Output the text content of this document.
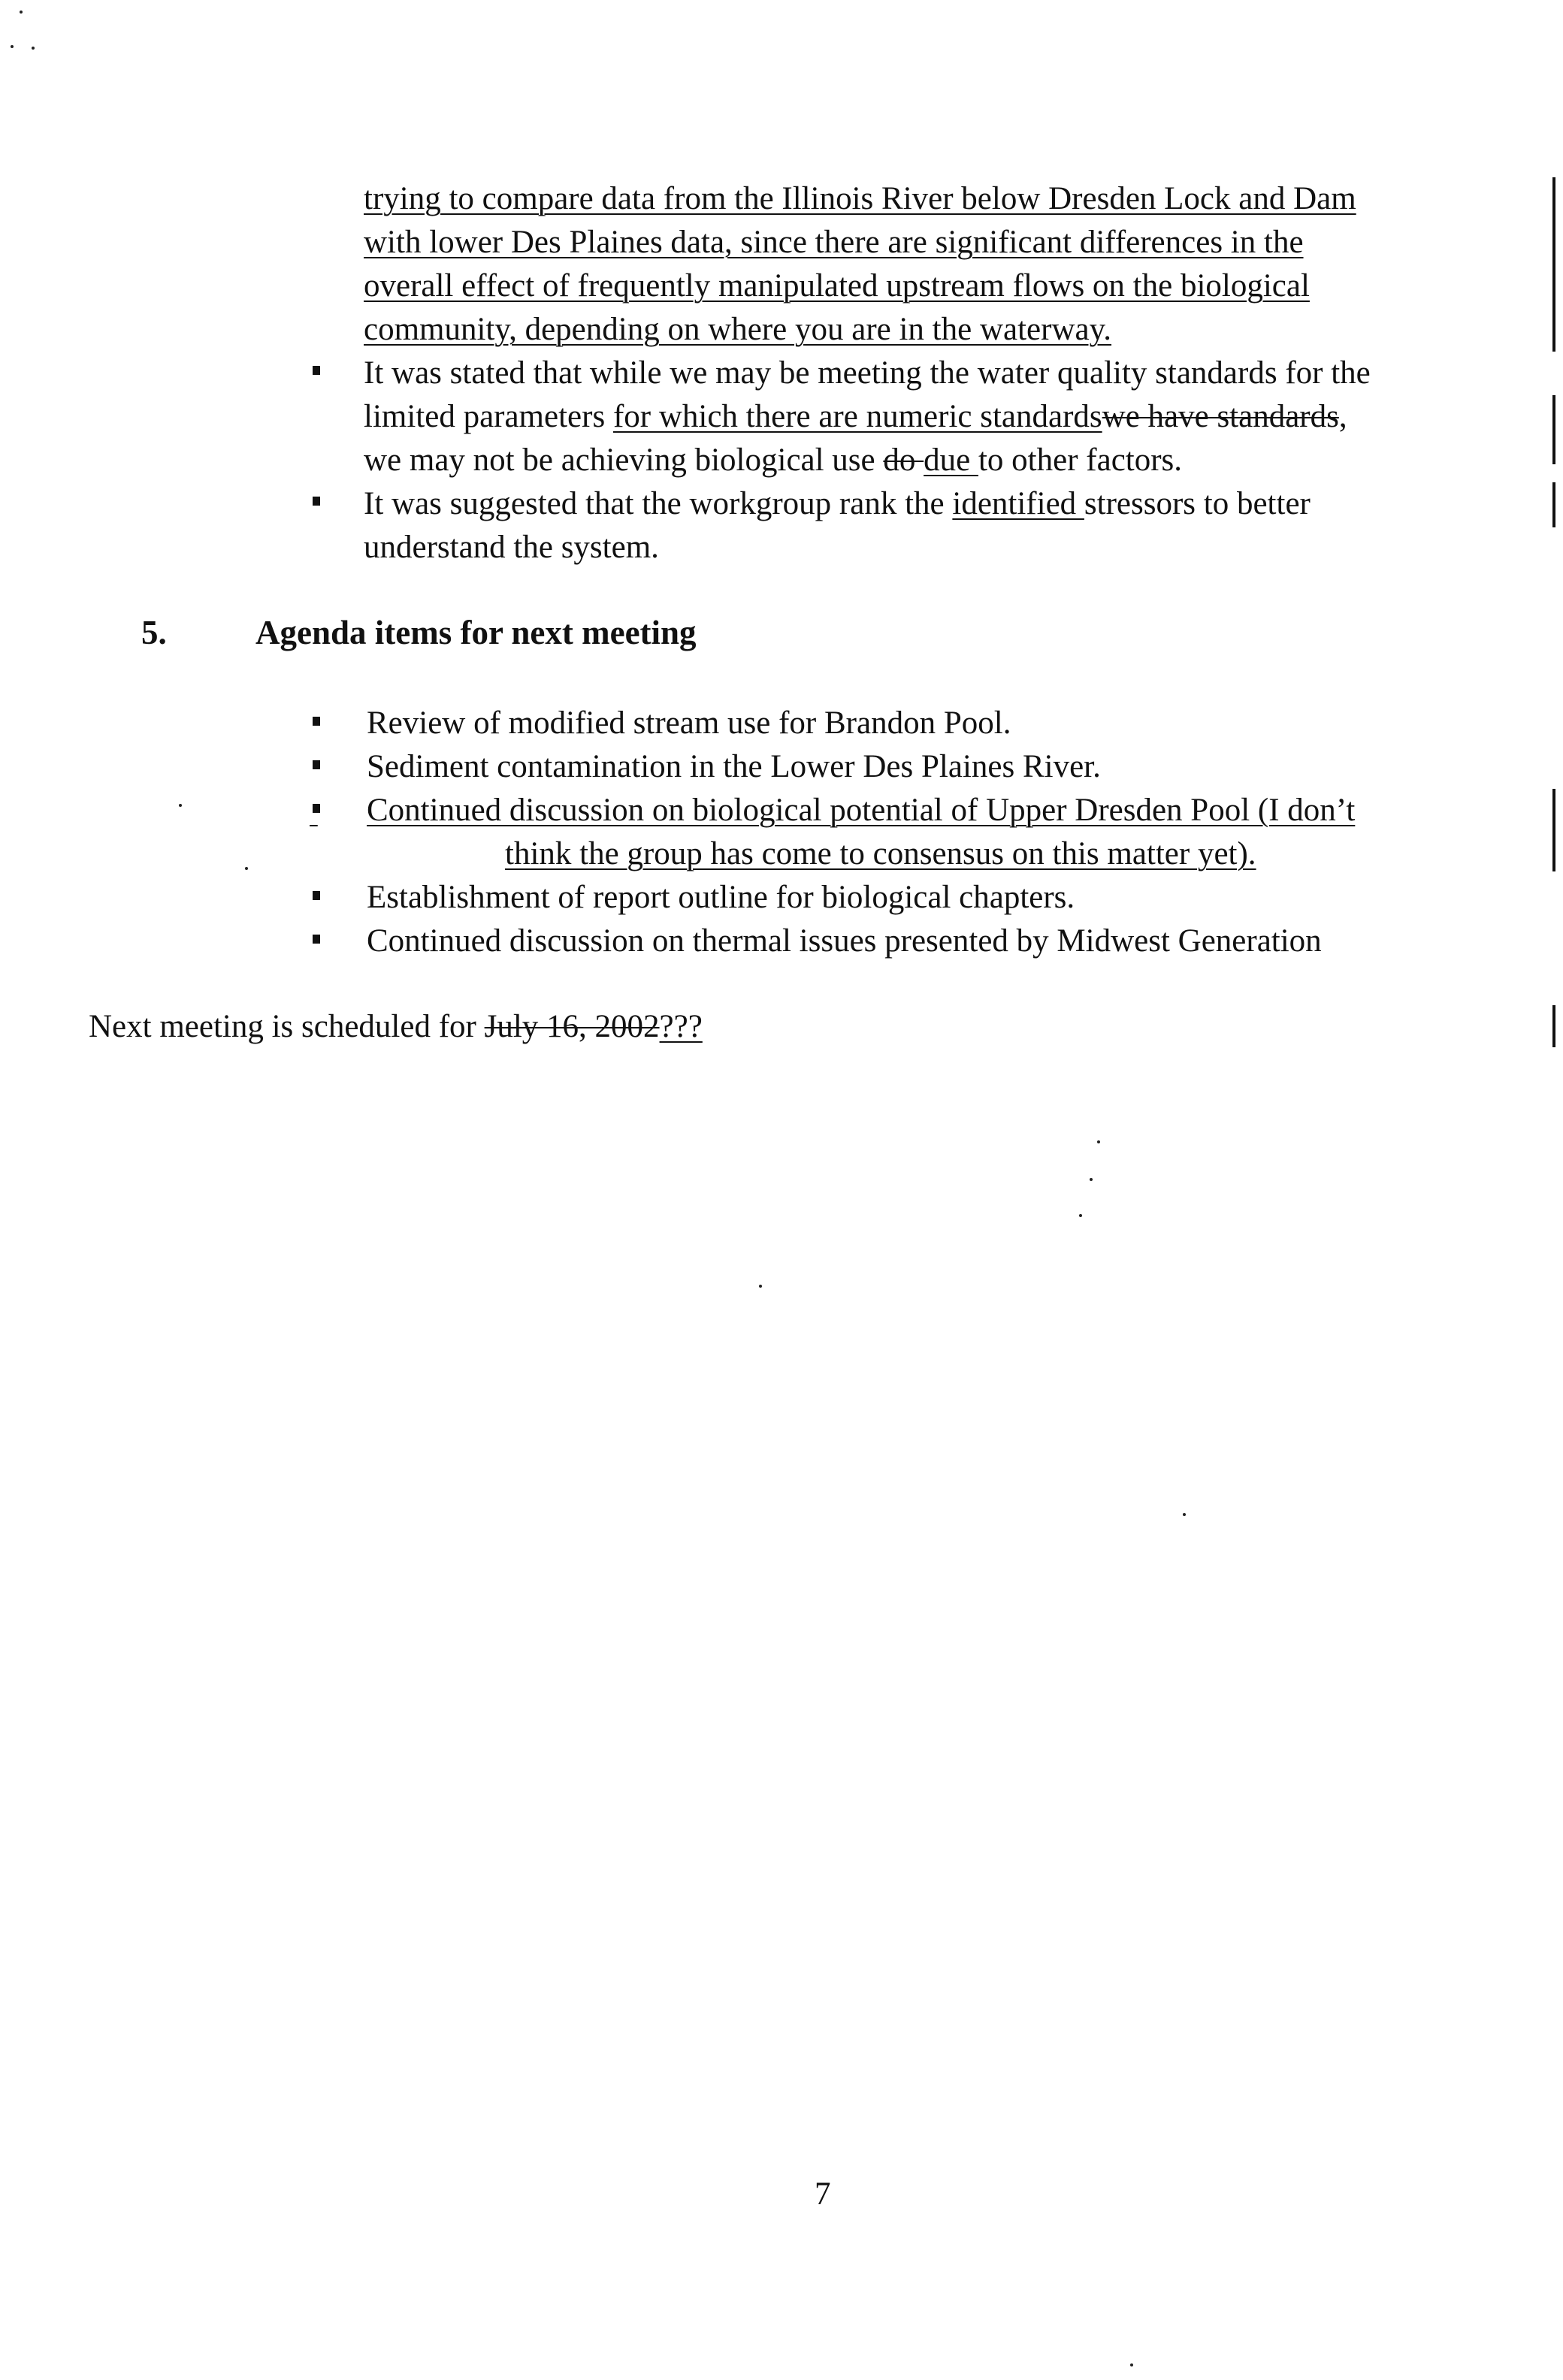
trying to compare data from the Illinois River below Dresden Lock and Dam
with lower Des Plaines data, since there are significant differences in the
overall effect of frequently manipulated upstream flows on the biological
community, depending on where you are in the waterway.
It was stated that while we may be meeting the water quality standards for the
limited parameters for which there are numeric standardswe have standards,
we may not be achieving biological use do due to other factors.
It was suggested that the workgroup rank the identified stressors to better
understand the system.
5.	Agenda items for next meeting
Review of modified stream use for Brandon Pool.
Sediment contamination in the Lower Des Plaines River.

Continued discussion on biological potential of Upper Dresden Pool (I don’t
think the group has come to consensus on this matter yet).
Establishment of report outline for biological chapters.
Continued discussion on thermal issues presented by Midwest Generation
Next meeting is scheduled for July 16, 2002???
7
